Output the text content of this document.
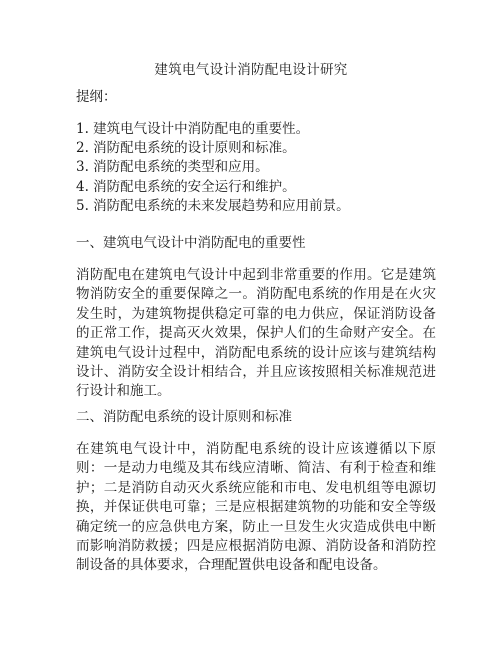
建筑电气设计消防配电设计研究
提纲：
1. 建筑电气设计中消防配电的重要性。
2. 消防配电系统的设计原则和标准。
3. 消防配电系统的类型和应用。
4. 消防配电系统的安全运行和维护。
5. 消防配电系统的未来发展趋势和应用前景。
一、建筑电气设计中消防配电的重要性
消防配电在建筑电气设计中起到非常重要的作用。它是建筑物消防安全的重要保障之一。消防配电系统的作用是在火灾发生时，为建筑物提供稳定可靠的电力供应，保证消防设备的正常工作，提高灭火效果，保护人们的生命财产安全。在建筑电气设计过程中，消防配电系统的设计应该与建筑结构设计、消防安全设计相结合，并且应该按照相关标准规范进行设计和施工。
二、消防配电系统的设计原则和标准
在建筑电气设计中，消防配电系统的设计应该遵循以下原则：一是动力电缆及其布线应清晰、简洁、有利于检查和维护；二是消防自动灭火系统应能和市电、发电机组等电源切换，并保证供电可靠；三是应根据建筑物的功能和安全等级确定统一的应急供电方案，防止一旦发生火灾造成供电中断而影响消防救援；四是应根据消防电源、消防设备和消防控制设备的具体要求，合理配置供电设备和配电设备。
